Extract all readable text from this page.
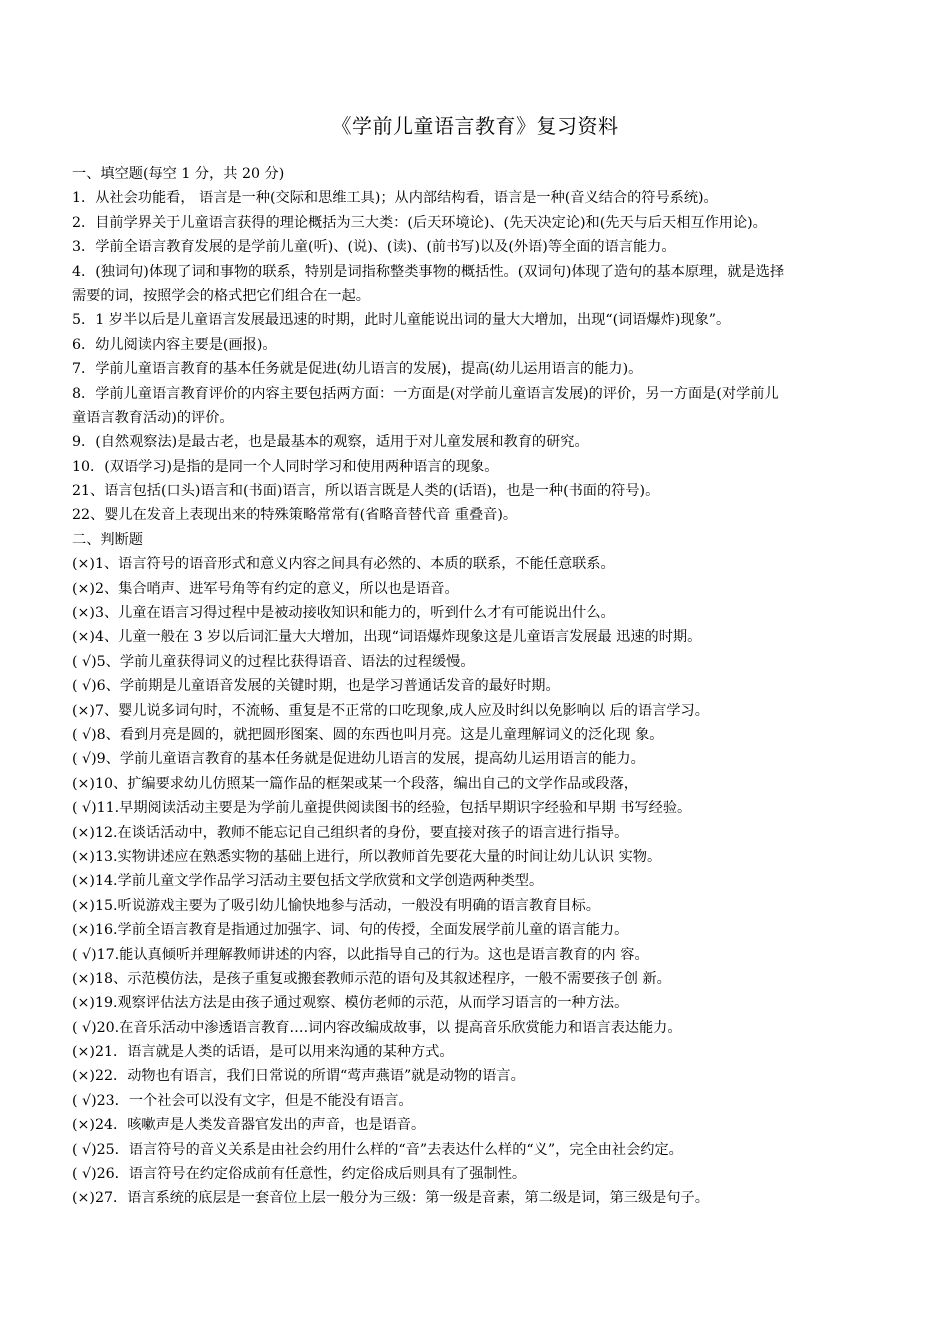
《学前儿童语言教育》复习资料
一、填空题(每空 1 分，共 20 分)
1．从社会功能看， 语言是一种(交际和思维工具)；从内部结构看，语言是一种(音义结合的符号系统)。
2．目前学界关于儿童语言获得的理论概括为三大类：(后天环境论)、(先天决定论)和(先天与后天相互作用论)。
3．学前全语言教育发展的是学前儿童(听)、(说)、(读)、(前书写)以及(外语)等全面的语言能力。
4．(独词句)体现了词和事物的联系，特别是词指称整类事物的概括性。(双词句)体现了造句的基本原理，就是选择
需要的词，按照学会的格式把它们组合在一起。
5．1 岁半以后是儿童语言发展最迅速的时期，此时儿童能说出词的量大大增加，出现“(词语爆炸)现象”。
6．幼儿阅读内容主要是(画报)。
7．学前儿童语言教育的基本任务就是促进(幼儿语言的发展)，提高(幼儿运用语言的能力)。
8．学前儿童语言教育评价的内容主要包括两方面：一方面是(对学前儿童语言发展)的评价，另一方面是(对学前儿
童语言教育活动)的评价。
9．(自然观察法)是最古老，也是最基本的观察，适用于对儿童发展和教育的研究。
10．(双语学习)是指的是同一个人同时学习和使用两种语言的现象。
21、语言包括(口头)语言和(书面)语言，所以语言既是人类的(话语)，也是一种(书面的符号)。
22、婴儿在发音上表现出来的特殊策略常常有(省略音替代音 重叠音)。
二、判断题
(×)1、语言符号的语音形式和意义内容之间具有必然的、本质的联系，不能任意联系。
(×)2、集合哨声、进军号角等有约定的意义，所以也是语音。
(×)3、儿童在语言习得过程中是被动接收知识和能力的，听到什么才有可能说出什么。
(×)4、儿童一般在 3 岁以后词汇量大大增加，出现“词语爆炸现象这是儿童语言发展最 迅速的时期。
( √)5、学前儿童获得词义的过程比获得语音、语法的过程缓慢。
( √)6、学前期是儿童语音发展的关键时期，也是学习普通话发音的最好时期。
(×)7、婴儿说多词句时，不流畅、重复是不正常的口吃现象,成人应及时纠以免影响以 后的语言学习。
( √)8、看到月亮是圆的，就把圆形图案、圆的东西也叫月亮。这是儿童理解词义的泛化现 象。
( √)9、学前儿童语言教育的基本任务就是促进幼儿语言的发展，提高幼儿运用语言的能力。
(×)10、扩编要求幼儿仿照某一篇作品的框架或某一个段落，编出自己的文学作品或段落，
( √)11.早期阅读活动主要是为学前儿童提供阅读图书的经验，包括早期识字经验和早期 书写经验。
(×)12.在谈话活动中，教师不能忘记自己组织者的身份，要直接对孩子的语言进行指导。
(×)13.实物讲述应在熟悉实物的基础上进行，所以教师首先要花大量的时间让幼儿认识 实物。
(×)14.学前儿童文学作品学习活动主要包括文学欣赏和文学创造两种类型。
(×)15.听说游戏主要为了吸引幼儿愉快地参与活动，一般没有明确的语言教育目标。
(×)16.学前全语言教育是指通过加强字、词、句的传授，全面发展学前儿童的语言能力。
( √)17.能认真倾听并理解教师讲述的内容，以此指导自己的行为。这也是语言教育的内 容。
(×)18、示范模仿法，是孩子重复或搬套教师示范的语句及其叙述程序，一般不需要孩子创 新。
(×)19.观察评估法方法是由孩子通过观察、模仿老师的示范，从而学习语言的一种方法。
( √)20.在音乐活动中渗透语言教育….词内容改编成故事，以 提高音乐欣赏能力和语言表达能力。
(×)21．语言就是人类的话语，是可以用来沟通的某种方式。
(×)22．动物也有语言，我们日常说的所谓“莺声燕语”就是动物的语言。
( √)23．一个社会可以没有文字，但是不能没有语言。
(×)24．咳嗽声是人类发音器官发出的声音，也是语音。
( √)25．语言符号的音义关系是由社会约用什么样的“音”去表达什么样的“义”，完全由社会约定。
( √)26．语言符号在约定俗成前有任意性，约定俗成后则具有了强制性。
(×)27．语言系统的底层是一套音位上层一般分为三级：第一级是音素，第二级是词，第三级是句子。
